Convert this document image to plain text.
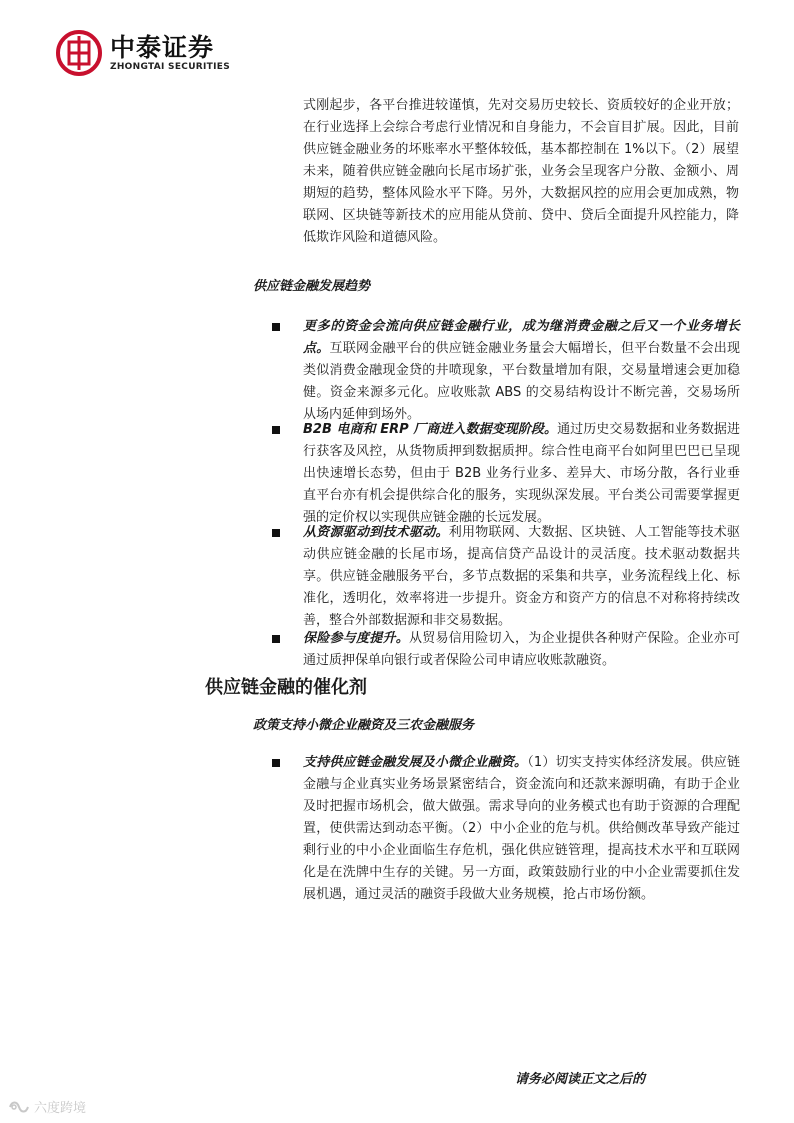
中泰证券
ZHONGTAI SECURITIES
式刚起步，各平台推进较谨慎，先对交易历史较长、资质较好的企业开放；在行业选择上会综合考虑行业情况和自身能力，不会盲目扩展。因此，目前供应链金融业务的坏账率水平整体较低，基本都控制在 1%以下。（2）展望未来，随着供应链金融向长尾市场扩张，业务会呈现客户分散、金额小、周期短的趋势，整体风险水平下降。另外，大数据风控的应用会更加成熟，物联网、区块链等新技术的应用能从贷前、贷中、贷后全面提升风控能力，降低欺诈风险和道德风险。
供应链金融发展趋势
更多的资金会流向供应链金融行业，成为继消费金融之后又一个业务增长点。互联网金融平台的供应链金融业务量会大幅增长，但平台数量不会出现类似消费金融现金贷的井喷现象，平台数量增加有限，交易量增速会更加稳健。资金来源多元化。应收账款 ABS 的交易结构设计不断完善，交易场所从场内延伸到场外。
B2B 电商和 ERP 厂商进入数据变现阶段。通过历史交易数据和业务数据进行获客及风控，从货物质押到数据质押。综合性电商平台如阿里巴巴已呈现出快速增长态势，但由于 B2B 业务行业多、差异大、市场分散，各行业垂直平台亦有机会提供综合化的服务，实现纵深发展。平台类公司需要掌握更强的定价权以实现供应链金融的长远发展。
从资源驱动到技术驱动。利用物联网、大数据、区块链、人工智能等技术驱动供应链金融的长尾市场，提高信贷产品设计的灵活度。技术驱动数据共享。供应链金融服务平台，多节点数据的采集和共享，业务流程线上化、标准化，透明化，效率将进一步提升。资金方和资产方的信息不对称将持续改善，整合外部数据源和非交易数据。
保险参与度提升。从贸易信用险切入，为企业提供各种财产保险。企业亦可通过质押保单向银行或者保险公司申请应收账款融资。
供应链金融的催化剂
政策支持小微企业融资及三农金融服务
支持供应链金融发展及小微企业融资。（1）切实支持实体经济发展。供应链金融与企业真实业务场景紧密结合，资金流向和还款来源明确，有助于企业及时把握市场机会，做大做强。需求导向的业务模式也有助于资源的合理配置，使供需达到动态平衡。（2）中小企业的危与机。供给侧改革导致产能过剩行业的中小企业面临生存危机，强化供应链管理，提高技术水平和互联网化是在洗牌中生存的关键。另一方面，政策鼓励行业的中小企业需要抓住发展机遇，通过灵活的融资手段做大业务规模，抢占市场份额。
请务必阅读正文之后的
六度跨境
